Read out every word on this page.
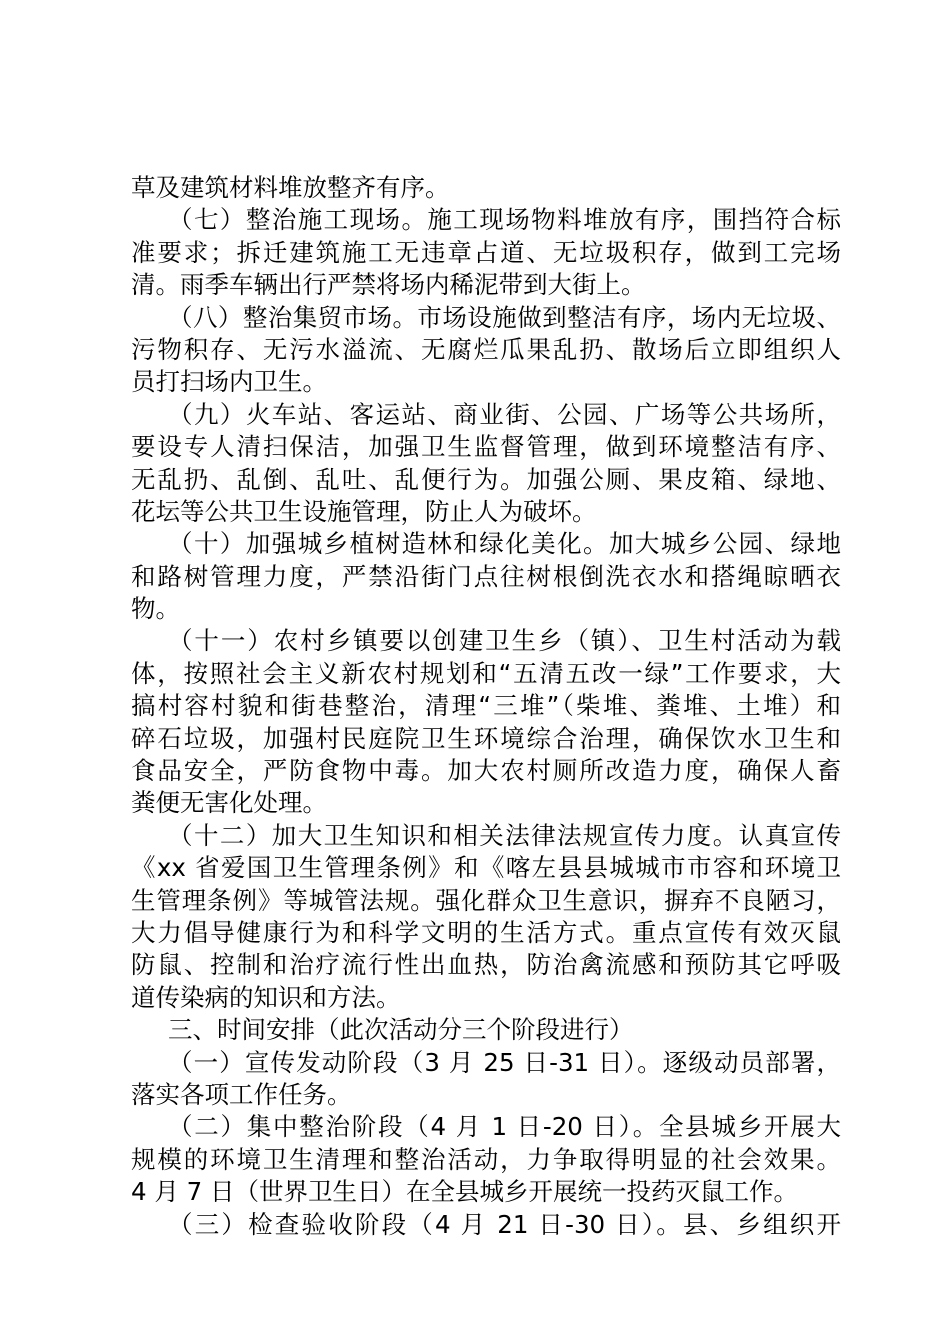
草及建筑材料堆放整齐有序。
（七）整治施工现场。施工现场物料堆放有序，围挡符合标
准要求；拆迁建筑施工无违章占道、无垃圾积存，做到工完场
清。雨季车辆出行严禁将场内稀泥带到大街上。
（八）整治集贸市场。市场设施做到整洁有序，场内无垃圾、
污物积存、无污水溢流、无腐烂瓜果乱扔、散场后立即组织人
员打扫场内卫生。
（九）火车站、客运站、商业街、公园、广场等公共场所，
要设专人清扫保洁，加强卫生监督管理，做到环境整洁有序、
无乱扔、乱倒、乱吐、乱便行为。加强公厕、果皮箱、绿地、
花坛等公共卫生设施管理，防止人为破坏。
（十）加强城乡植树造林和绿化美化。加大城乡公园、绿地
和路树管理力度，严禁沿街门点往树根倒洗衣水和搭绳晾晒衣
物。
（十一）农村乡镇要以创建卫生乡（镇）、卫生村活动为载
体，按照社会主义新农村规划和“五清五改一绿”工作要求，大
搞村容村貌和街巷整治，清理“三堆”（柴堆、粪堆、土堆）和
碎石垃圾，加强村民庭院卫生环境综合治理，确保饮水卫生和
食品安全，严防食物中毒。加大农村厕所改造力度，确保人畜
粪便无害化处理。
（十二）加大卫生知识和相关法律法规宣传力度。认真宣传
《xx 省爱国卫生管理条例》和《喀左县县城城市市容和环境卫
生管理条例》等城管法规。强化群众卫生意识，摒弃不良陋习，
大力倡导健康行为和科学文明的生活方式。重点宣传有效灭鼠
防鼠、控制和治疗流行性出血热，防治禽流感和预防其它呼吸
道传染病的知识和方法。
三、时间安排（此次活动分三个阶段进行）
（一）宣传发动阶段（3 月 25 日-31 日）。逐级动员部署，
落实各项工作任务。
（二）集中整治阶段（4 月 1 日-20 日）。全县城乡开展大
规模的环境卫生清理和整治活动，力争取得明显的社会效果。
4 月 7 日（世界卫生日）在全县城乡开展统一投药灭鼠工作。
（三）检查验收阶段（4 月 21 日-30 日）。县、乡组织开
